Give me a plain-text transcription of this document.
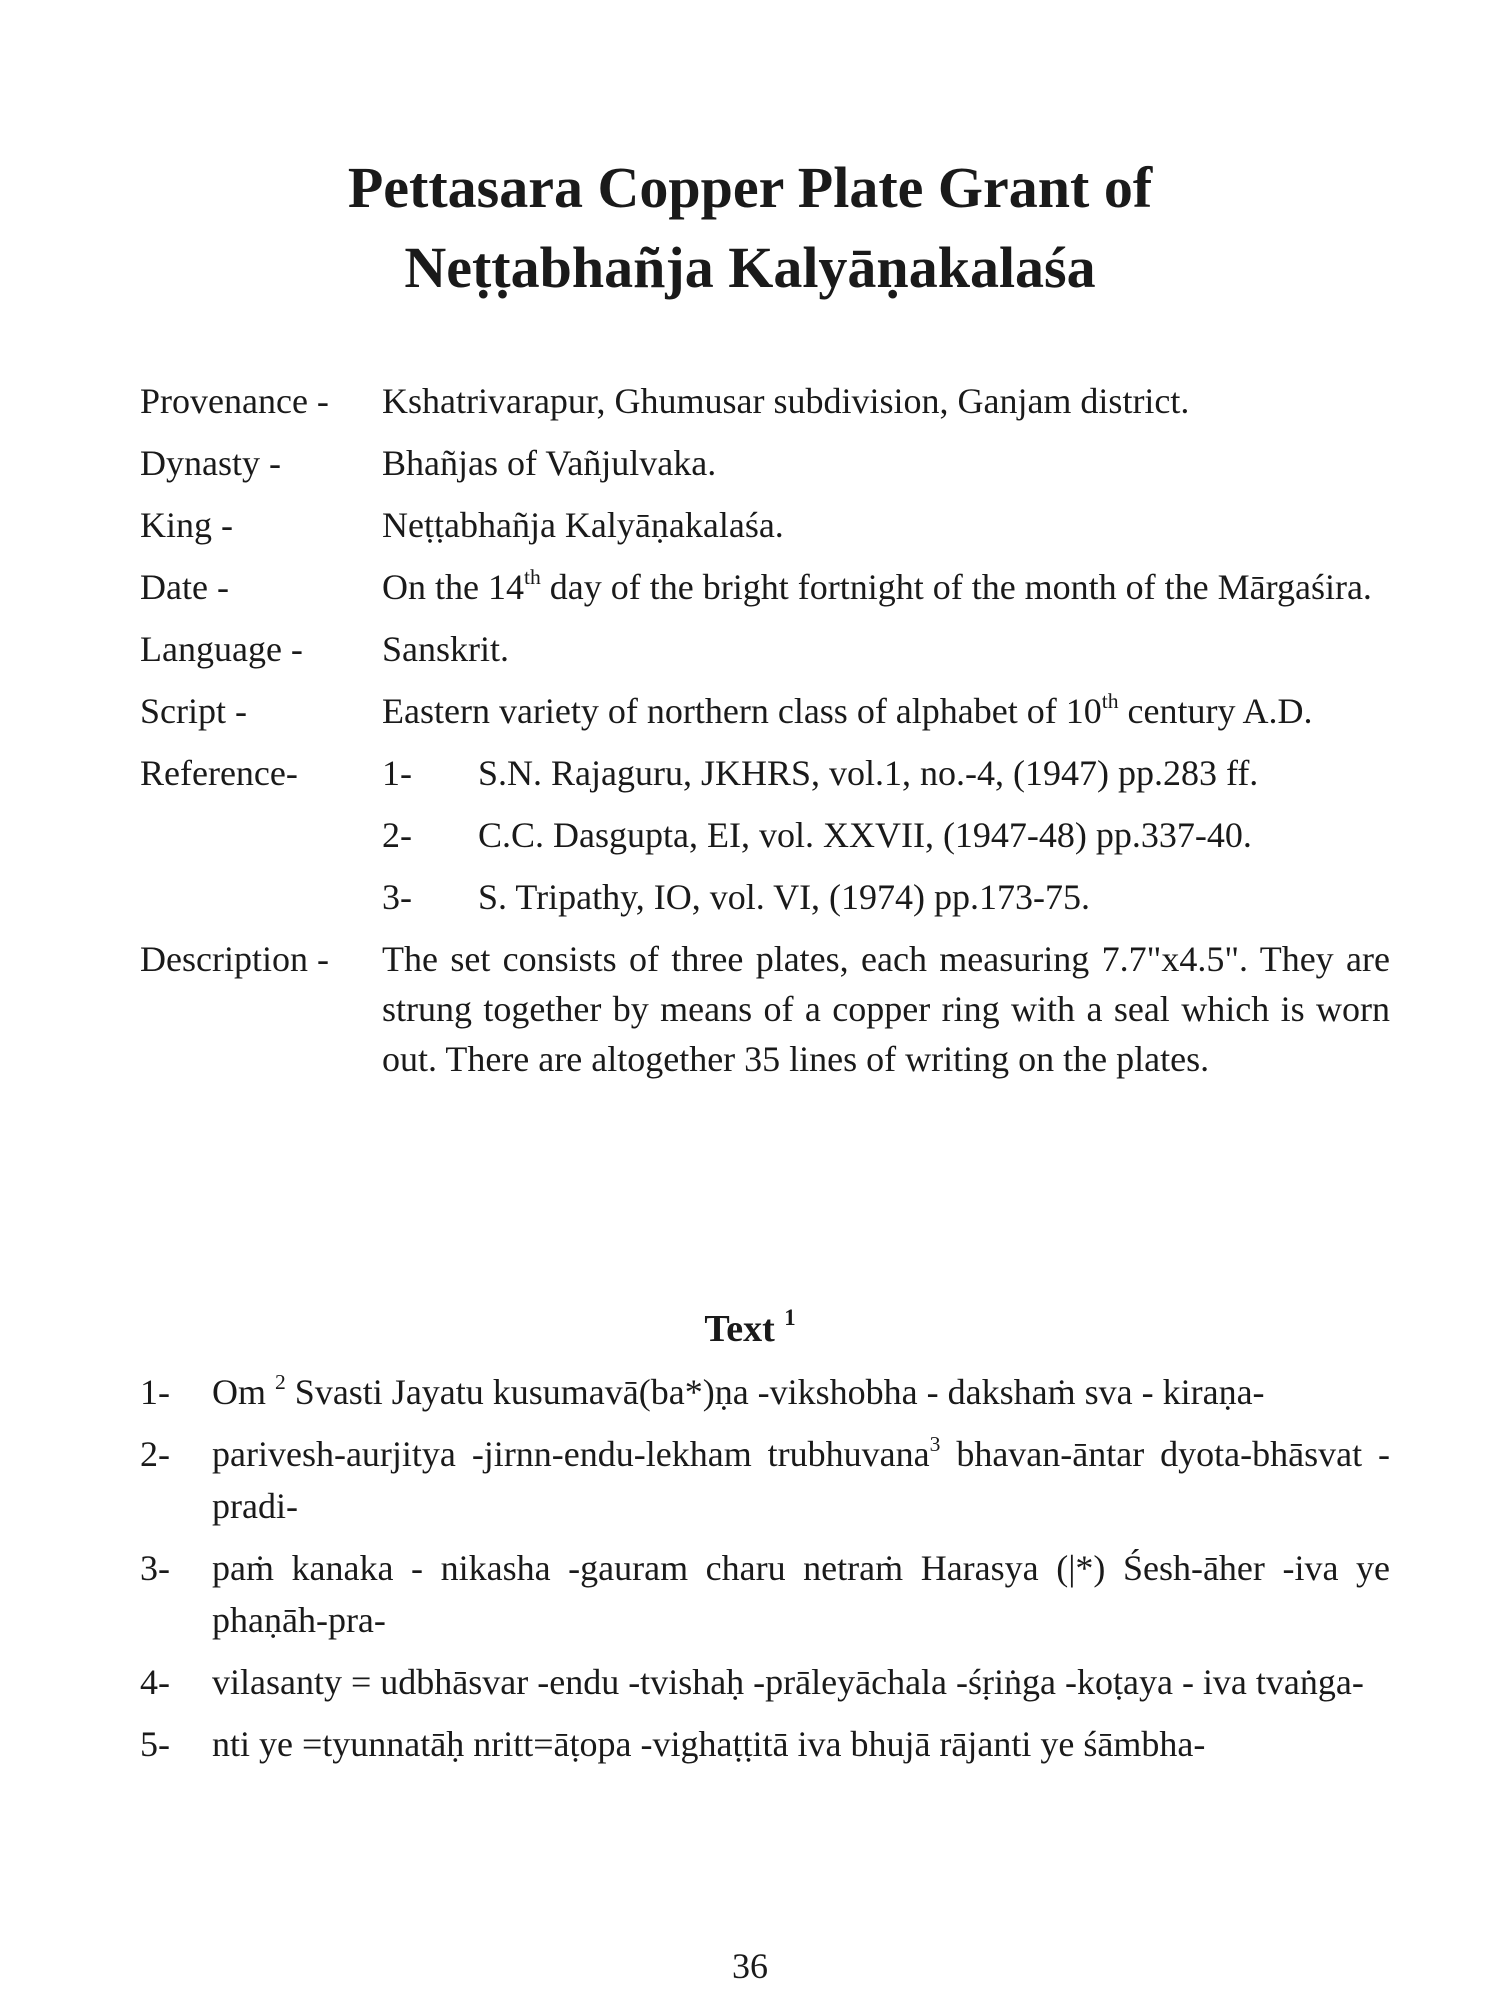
Pettasara Copper Plate Grant of
Neṭṭabhañja Kalyāṇakalaśa
Provenance -	Kshatrivarapur, Ghumusar subdivision, Ganjam district.
Dynasty -	Bhañjas of Vañjulvaka.
King -	Neṭṭabhañja Kalyāṇakalaśa.
Date -	On the 14th day of the bright fortnight of the month of the Mārgaśira.
Language -	Sanskrit.
Script -	Eastern variety of northern class of alphabet of 10th century A.D.
Reference-	1-	S.N. Rajaguru, JKHRS, vol.1, no.-4, (1947) pp.283 ff.
2-	C.C. Dasgupta, EI, vol. XXVII, (1947-48) pp.337-40.
3-	S. Tripathy, IO, vol. VI, (1974) pp.173-75.
Description -	The set consists of three plates, each measuring 7.7"x4.5". They are strung together by means of a copper ring with a seal which is worn out. There are altogether 35 lines of writing on the plates.
Text $^1$
1-	Om $^2$ Svasti Jayatu kusumavā(ba*)ṇa -vikshobha - dakshaṁ sva - kiraṇa-
2-	parivesh-aurjitya -jirnn-endu-lekham trubhuvana$^3$ bhavan-āntar dyota-bhāsvat -pradi-
3-	paṁ kanaka - nikasha -gauram charu netraṁ Harasya (|*) Śesh-āher -iva ye phaṇāh-pra-
4-	vilasanty = udbhāsvar -endu -tvishaḥ -prāleyāchala -śṛiṅga -koṭaya - iva tvaṅga-
5-	nti ye =tyunnatāḥ nritt=āṭopa -vighaṭṭitā iva bhujā rājanti ye śāmbha-
36
